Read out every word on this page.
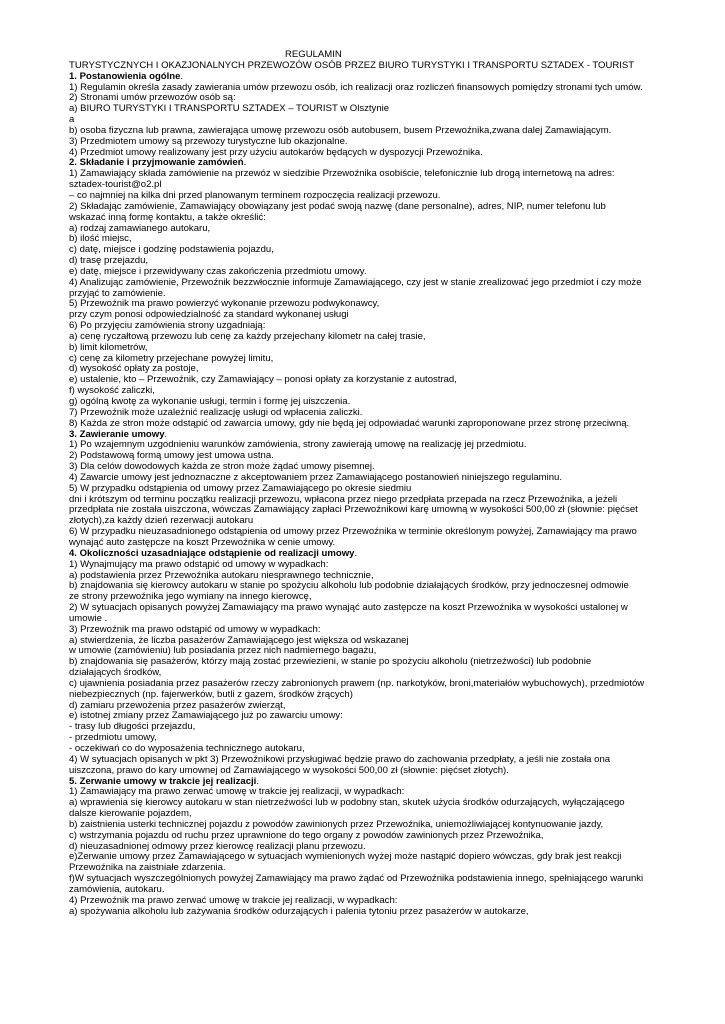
REGULAMIN
TURYSTYCZNYCH I OKAZJONALNYCH PRZEWOZÓW OSÓB PRZEZ BIURO TURYSTYKI I TRANSPORTU SZTADEX - TOURIST
1. Postanowienia ogólne.
1) Regulamin określa zasady zawierania umów przewozu osób, ich realizacji oraz rozliczeń finansowych pomiędzy stronami tych umów.
2) Stronami umów przewozów osób są:
a) BIURO TURYSTYKI I TRANSPORTU SZTADEX – TOURIST w Olsztynie
a
b) osoba fizyczna lub prawna, zawierająca umowę przewozu osób autobusem, busem Przewoźnika,zwana dalej Zamawiającym.
3) Przedmiotem umowy są przewozy turystyczne lub okazjonalne.
4) Przedmiot umowy realizowany jest przy użyciu autokarów będących w dyspozycji Przewoźnika.
2. Składanie i przyjmowanie zamówień.
1) Zamawiający składa zamówienie na przewóz w siedzibie Przewoźnika osobiście, telefonicznie lub drogą internetową na adres:
sztadex-tourist@o2.pl
– co najmniej na kilka dni przed planowanym terminem rozpoczęcia realizacji przewozu.
2) Składając zamówienie, Zamawiający obowiązany jest podać swoją nazwę (dane personalne), adres, NIP, numer telefonu lub
wskazać inną formę kontaktu, a także określić:
a) rodzaj zamawianego autokaru,
b) ilość miejsc,
c) datę, miejsce i godzinę podstawienia pojazdu,
d) trasę przejazdu,
e) datę, miejsce i przewidywany czas zakończenia przedmiotu umowy.
4) Analizując zamówienie, Przewoźnik bezzwłocznie informuje Zamawiającego, czy jest w stanie zrealizować jego przedmiot i czy może
przyjąć to zamówienie.
5) Przewoźnik ma prawo powierzyć wykonanie przewozu podwykonawcy,
przy czym ponosi odpowiedzialność za standard wykonanej usługi
6) Po przyjęciu zamówienia strony uzgadniają:
a) cenę ryczałtową przewozu lub cenę za każdy przejechany kilometr na całej trasie,
b) limit kilometrów,
c) cenę za kilometry przejechane powyżej limitu,
d) wysokość opłaty za postoje,
e) ustalenie, kto – Przewoźnik, czy Zamawiający – ponosi opłaty za korzystanie z autostrad,
f) wysokość zaliczki,
g) ogólną kwotę za wykonanie usługi, termin i formę jej uiszczenia.
7) Przewoźnik może uzależnić realizację usługi od wpłacenia zaliczki.
8) Każda ze stron może odstąpić od zawarcia umowy, gdy nie będą jej odpowiadać warunki zaproponowane przez stronę przeciwną.
3. Zawieranie umowy.
1) Po wzajemnym uzgodnieniu warunków zamówienia, strony zawierają umowę na realizację jej przedmiotu.
2) Podstawową formą umowy jest umowa ustna.
3) Dla celów dowodowych każda ze stron może żądać umowy pisemnej.
4) Zawarcie umowy jest jednoznaczne z akceptowaniem przez Zamawiającego postanowień niniejszego regulaminu.
5) W przypadku odstąpienia od umowy przez Zamawiającego po okresie siedmiu
dni i krótszym od terminu początku realizacji przewozu, wpłacona przez niego przedpłata przepada na rzecz Przewoźnika, a jeżeli
przedpłata nie została uiszczona, wówczas Zamawiający zapłaci Przewoźnikowi karę umowną w wysokości 500,00 zł (słownie: pięćset
złotych),za każdy dzień rezerwacji autokaru
6) W przypadku nieuzasadnionego odstąpienia od umowy przez Przewoźnika w terminie określonym powyżej, Zamawiający ma prawo
wynająć auto zastępcze na koszt Przewoźnika w cenie umowy.
4. Okoliczności uzasadniające odstąpienie od realizacji umowy.
1) Wynajmujący ma prawo odstąpić od umowy w wypadkach:
a) podstawienia przez Przewoźnika autokaru niesprawnego technicznie,
b) znajdowania się kierowcy autokaru w stanie po spożyciu alkoholu lub podobnie działających środków, przy jednoczesnej odmowie
ze strony przewoźnika jego wymiany na innego kierowcę,
2) W sytuacjach opisanych powyżej Zamawiający ma prawo wynająć auto zastępcze na koszt Przewoźnika w wysokości ustalonej w
umowie .
3) Przewoźnik ma prawo odstąpić od umowy w wypadkach:
a) stwierdzenia, że liczba pasażerów Zamawiającego jest większa od wskazanej
w umowie (zamówieniu) lub posiadania przez nich nadmiernego bagażu,
b) znajdowania się pasażerów, którzy mają zostać przewiezieni, w stanie po spożyciu alkoholu (nietrzeźwości) lub podobnie
działających środków,
c) ujawnienia posiadania przez pasażerów rzeczy zabronionych prawem (np. narkotyków, broni,materiałów wybuchowych), przedmiotów
niebezpiecznych (np. fajerwerków, butli z gazem, środków żrących)
d) zamiaru przewożenia przez pasażerów zwierząt,
e) istotnej zmiany przez Zamawiającego już po zawarciu umowy:
- trasy lub długości przejazdu,
- przedmiotu umowy,
- oczekiwań co do wyposażenia technicznego autokaru,
4) W sytuacjach opisanych w pkt 3) Przewoźnikowi przysługiwać będzie prawo do zachowania przedpłaty, a jeśli nie została ona
uiszczona, prawo do kary umownej od Zamawiającego w wysokości 500,00 zł (słownie: pięćset złotych).
5. Zerwanie umowy w trakcie jej realizacji.
1) Zamawiający ma prawo zerwać umowę w trakcie jej realizacji, w wypadkach:
a) wprawienia się kierowcy autokaru w stan nietrzeźwości lub w podobny stan, skutek użycia środków odurzających, wyłączającego
dalsze kierowanie pojazdem,
b) zaistnienia usterki technicznej pojazdu z powodów zawinionych przez Przewoźnika, uniemożliwiającej kontynuowanie jazdy,
c) wstrzymania pojazdu od ruchu przez uprawnione do tego organy z powodów zawinionych przez Przewoźnika,
d) nieuzasadnionej odmowy przez kierowcę realizacji planu przewozu.
e)Zerwanie umowy przez Zamawiającego w sytuacjach wymienionych wyżej może nastąpić dopiero wówczas, gdy brak jest reakcji
Przewoźnika na zaistniałe zdarzenia.
f)W sytuacjach wyszczególnionych powyżej Zamawiający ma prawo żądać od Przewoźnika podstawienia innego, spełniającego warunki
zamówienia, autokaru.
4) Przewoźnik ma prawo zerwać umowę w trakcie jej realizacji, w wypadkach:
a) spożywania alkoholu lub zażywania środków odurzających i palenia tytoniu przez pasażerów w autokarze,
